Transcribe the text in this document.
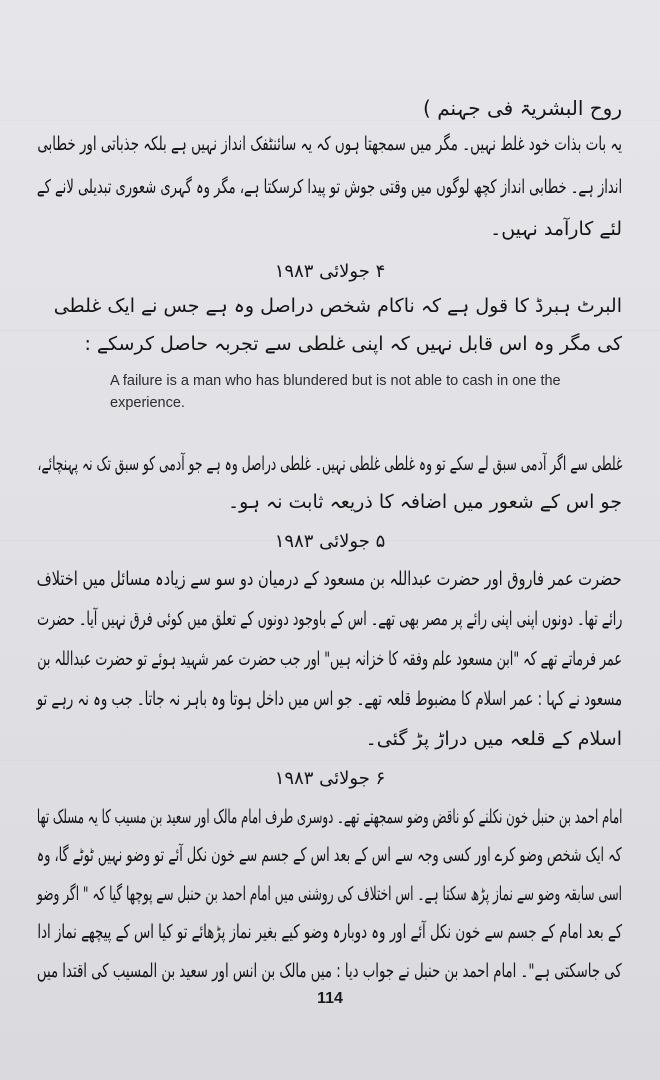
روح البشریۃ فی جہنم )
یہ بات بذات خود غلط نہیں۔ مگر میں سمجھتا ہوں کہ یہ سائنٹفک انداز نہیں ہے بلکہ جذباتی اور خطابی
انداز ہے۔ خطابی انداز کچھ لوگوں میں وقتی جوش تو پیدا کرسکتا ہے، مگر وہ گہری شعوری تبدیلی لانے کے
لئے کارآمد نہیں۔
۴ جولائی ۱۹۸۳
البرٹ ہبرڈ کا قول ہے کہ ناکام شخص دراصل وہ ہے جس نے ایک غلطی
کی مگر وہ اس قابل نہیں کہ اپنی غلطی سے تجربہ حاصل کرسکے :
A failure is a man who has blundered but is not able to cash in one the experience.
غلطی سے اگر آدمی سبق لے سکے تو وہ غلطی غلطی نہیں۔ غلطی دراصل وہ ہے جو آدمی کو سبق تک نہ پہنچائے،
جو اس کے شعور میں اضافہ کا ذریعہ ثابت نہ ہو۔
۵ جولائی ۱۹۸۳
حضرت عمر فاروق اور حضرت عبداللہ بن مسعود کے درمیان دو سو سے زیادہ مسائل میں اختلاف
رائے تھا۔ دونوں اپنی اپنی رائے پر مصر بھی تھے۔ اس کے باوجود دونوں کے تعلق میں کوئی فرق نہیں آیا۔ حضرت
عمر فرماتے تھے کہ "ابن مسعود علم وفقہ کا خزانہ ہیں" اور جب حضرت عمر شہید ہوئے تو حضرت عبداللہ بن
مسعود نے کہا : عمر اسلام کا مضبوط قلعہ تھے۔ جو اس میں داخل ہوتا وہ باہر نہ جاتا۔ جب وہ نہ رہے تو
اسلام کے قلعہ میں دراڑ پڑ گئی۔
۶ جولائی ۱۹۸۳
امام احمد بن حنبل خون نکلنے کو ناقض وضو سمجھتے تھے۔ دوسری طرف امام مالک اور سعید بن مسیب کا یہ مسلک تھا
کہ ایک شخص وضو کرے اور کسی وجہ سے اس کے بعد اس کے جسم سے خون نکل آئے تو وضو نہیں ٹوٹے گا، وہ
اسی سابقہ وضو سے نماز پڑھ سکتا ہے۔ اس اختلاف کی روشنی میں امام احمد بن حنبل سے پوچھا گیا کہ " اگر وضو
کے بعد امام کے جسم سے خون نکل آئے اور وہ دوبارہ وضو کیے بغیر نماز پڑھائے تو کیا اس کے پیچھے نماز ادا
کی جاسکتی ہے"۔ امام احمد بن حنبل نے جواب دیا : میں مالک بن انس اور سعید بن المسیب کی اقتدا میں
114
